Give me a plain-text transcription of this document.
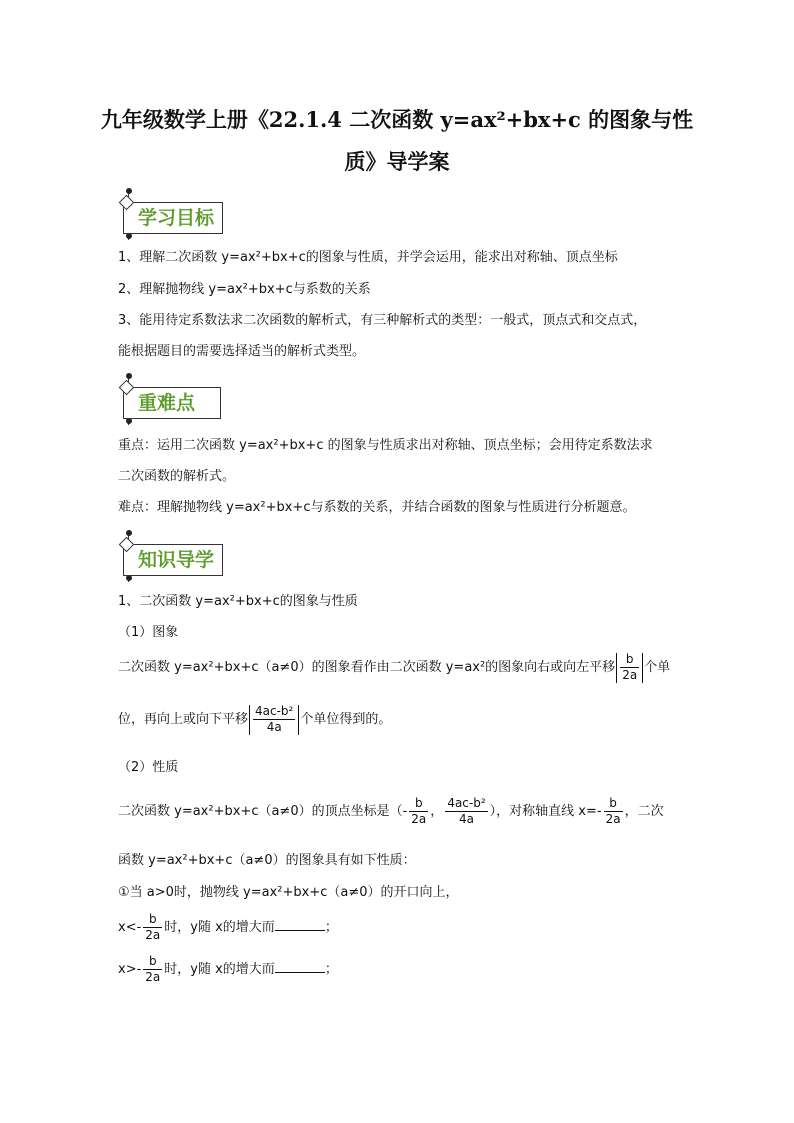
九年级数学上册《22.1.4 二次函数 y=ax²+bx+c 的图象与性
质》导学案
学习目标
1、理解二次函数 y=ax²+bx+c的图象与性质，并学会运用，能求出对称轴、顶点坐标
2、理解抛物线 y=ax²+bx+c与系数的关系
3、能用待定系数法求二次函数的解析式，有三种解析式的类型：一般式，顶点式和交点式，
能根据题目的需要选择适当的解析式类型。
重难点
重点：运用二次函数 y=ax²+bx+c 的图象与性质求出对称轴、顶点坐标；会用待定系数法求
二次函数的解析式。
难点：理解抛物线 y=ax²+bx+c与系数的关系，并结合函数的图象与性质进行分析题意。
知识导学
1、二次函数 y=ax²+bx+c的图象与性质
（1）图象
二次函数 y=ax²+bx+c（a≠0）的图象看作由二次函数 y=ax²的图象向右或向左平移 $\frac{b}{2a}$ 个单
位，再向上或向下平移 $\frac{\text{4ac-b²}}{4a}$ 个单位得到的。
（2）性质
二次函数 y=ax²+bx+c（a≠0）的顶点坐标是（- $\frac{b}{2a}$ ， $\frac{\text{4ac-b²}}{4a}$ ），对称轴直线 $x=- \frac{b}{2a}$ ，二次
函数 y=ax²+bx+c（a≠0）的图象具有如下性质：
①当 a>0时，抛物线 y=ax²+bx+c（a≠0）的开口向上，
$x<- \frac{b}{2a}$ 时，y随 x的增大而	；
$x>- \frac{b}{2a}$ 时，y随 x的增大而	；
